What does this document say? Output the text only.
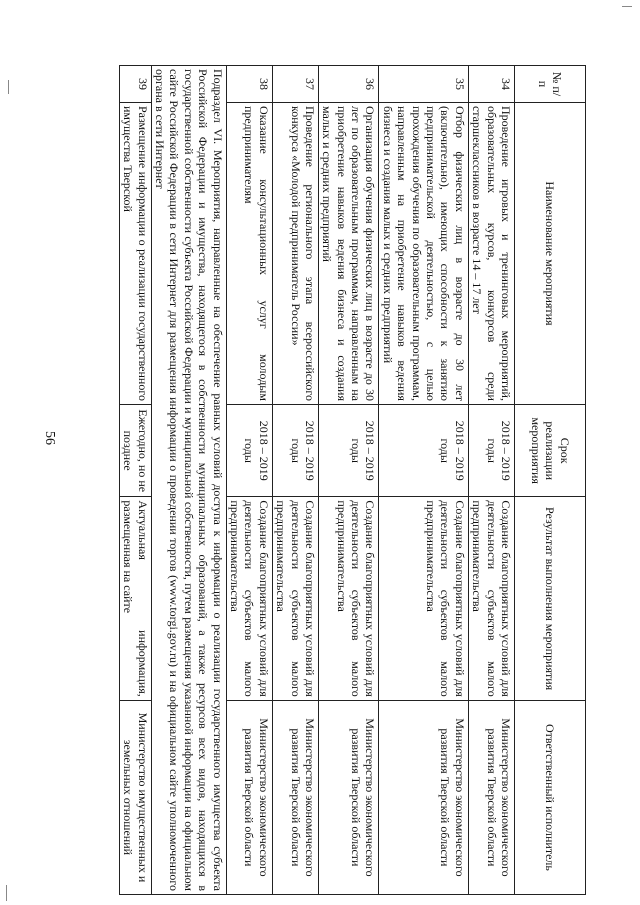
56
№ п/п	Наименование мероприятия	Срок реализации мероприятия	Результат выполнения мероприятия	Ответственный исполнитель
34	Проведение игровых и тренинговых мероприятий, образовательных курсов, конкурсов среди старшеклассников в возрасте 14 – 17 лет	2018 – 2019 годы	Создание благоприятных условий для деятельности субъектов малого предпринимательства	Министерство экономического развития Тверской области
35	Отбор физических лиц в возрасте до 30 лет (включительно), имеющих способности к занятию предпринимательской деятельностью, с целью прохождения обучения по образовательным программам, направленным на приобретение навыков ведения бизнеса и создания малых и средних предприятий	2018 – 2019 годы	Создание благоприятных условий для деятельности субъектов малого предпринимательства	Министерство экономического развития Тверской области
36	Организация обучения физических лиц в возрасте до 30 лет по образовательным программам, направленным на приобретение навыков ведения бизнеса и создания малых и средних предприятий	2018 – 2019 годы	Создание благоприятных условий для деятельности субъектов малого предпринимательства	Министерство экономического развития Тверской области
37	Проведение регионального этапа всероссийского конкурса «Молодой предприниматель России»	2018 – 2019 годы	Создание благоприятных условий для деятельности субъектов малого предпринимательства	Министерство экономического развития Тверской области
38	Оказание консультационных услуг молодым предпринимателям	2018 – 2019 годы	Создание благоприятных условий для деятельности субъектов малого предпринимательства	Министерство экономического развития Тверской области
Подраздел VI. Мероприятия, направленные на обеспечение равных условий доступа к информации о реализации государственного имущества субъекта Российской Федерации и имущества, находящегося в собственности муниципальных образований, а также ресурсов всех видов, находящихся в государственной собственности субъекта Российской Федерации и муниципальной собственности, путем размещения указанной информации на официальном сайте Российской Федерации в сети Интернет для размещения информации о проведении торгов (www.torgi.gov.ru) и на официальном сайте уполномоченного органа в сети Интернет				
39	Размещение информации о реализации государственного имущества Тверской	Ежегодно, но не позднее	Актуальная информация, размещенная на сайте	Министерство имущественных и земельных отношений
